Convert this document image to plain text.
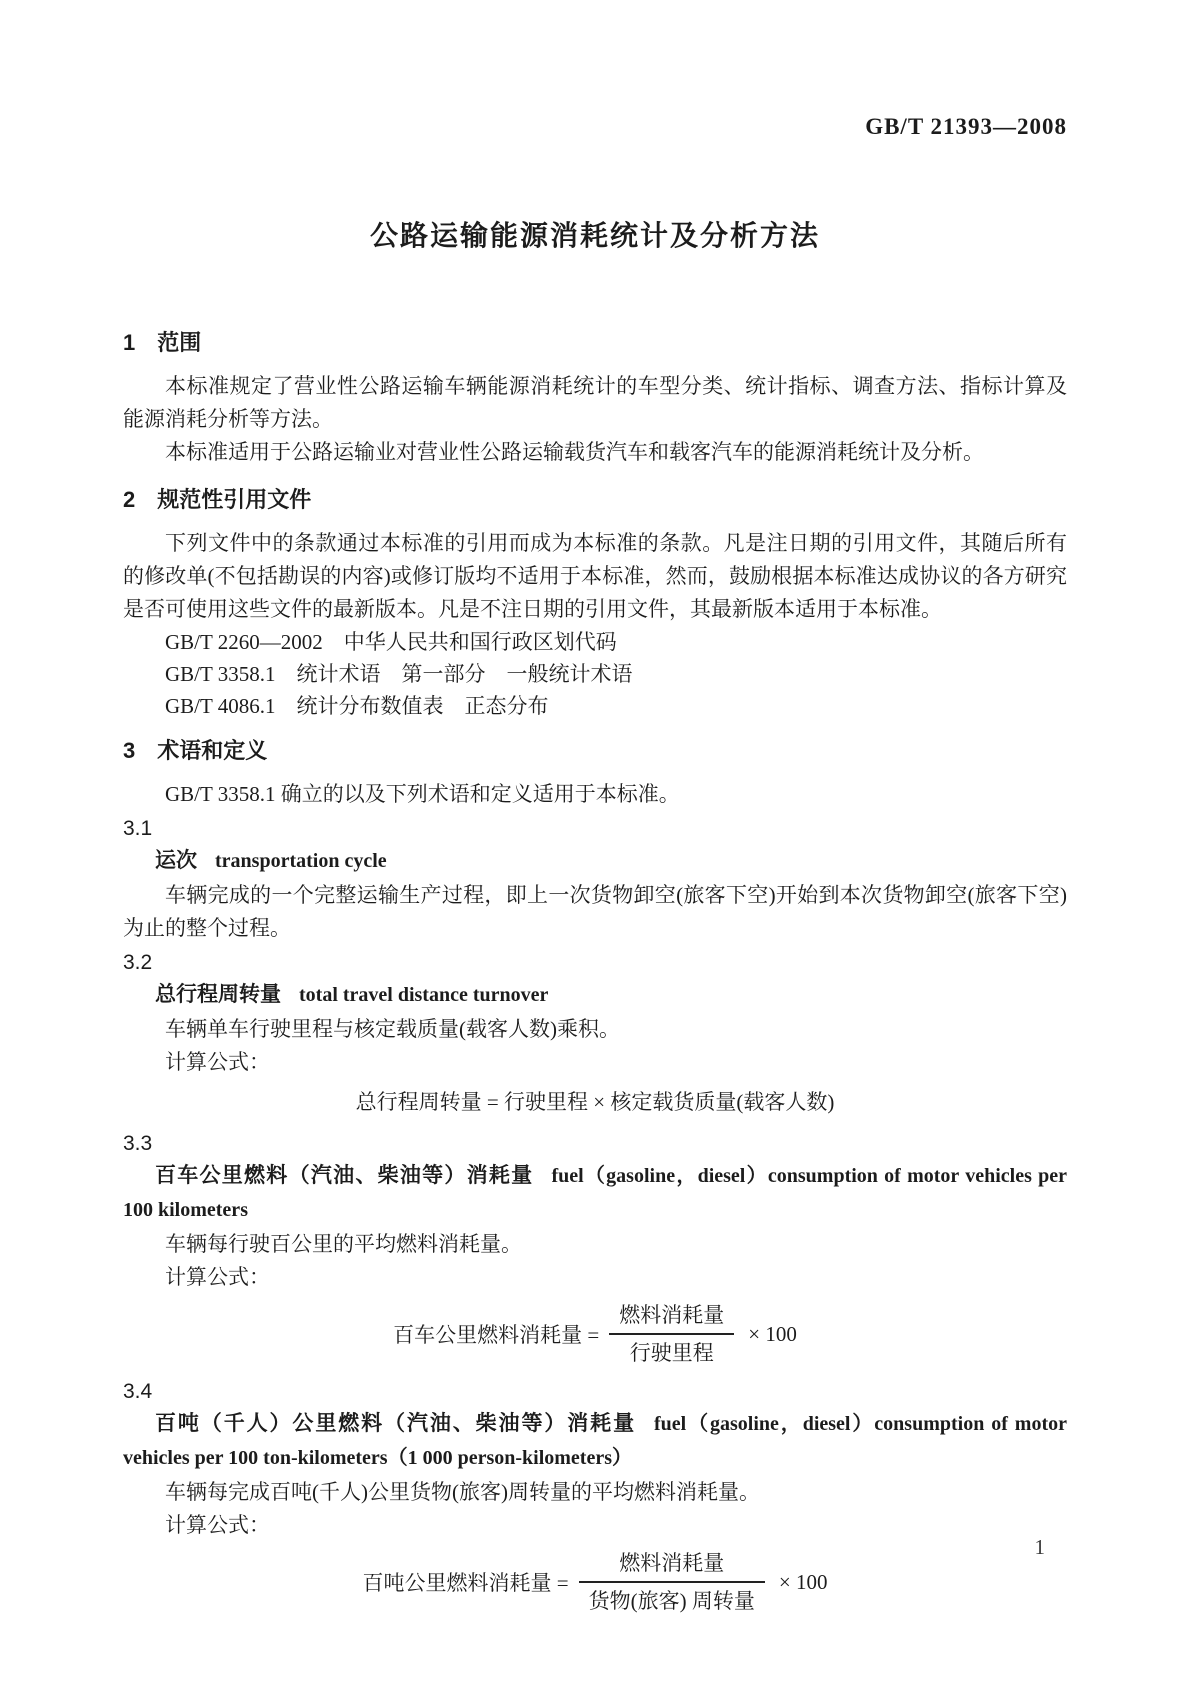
GB/T 21393—2008
公路运输能源消耗统计及分析方法
1　范围

本标准规定了营业性公路运输车辆能源消耗统计的车型分类、统计指标、调查方法、指标计算及能源消耗分析等方法。

本标准适用于公路运输业对营业性公路运输载货汽车和载客汽车的能源消耗统计及分析。

2　规范性引用文件

下列文件中的条款通过本标准的引用而成为本标准的条款。凡是注日期的引用文件，其随后所有的修改单(不包括勘误的内容)或修订版均不适用于本标准，然而，鼓励根据本标准达成协议的各方研究是否可使用这些文件的最新版本。凡是不注日期的引用文件，其最新版本适用于本标准。

GB/T 2260—2002　中华人民共和国行政区划代码

GB/T 3358.1　统计术语　第一部分　一般统计术语

GB/T 4086.1　统计分布数值表　正态分布

3　术语和定义

GB/T 3358.1 确立的以及下列术语和定义适用于本标准。

3.1

运次 transportation cycle

车辆完成的一个完整运输生产过程，即上一次货物卸空(旅客下空)开始到本次货物卸空(旅客下空)为止的整个过程。

3.2

总行程周转量 total travel distance turnover

车辆单车行驶里程与核定载质量(载客人数)乘积。

计算公式：

总行程周转量 = 行驶里程 × 核定载货质量(载客人数)
3.3

百车公里燃料（汽油、柴油等）消耗量 fuel（gasoline，diesel）consumption of motor vehicles per 100 kilometers

车辆每行驶百公里的平均燃料消耗量。

计算公式：

百车公里燃料消耗量 = $\frac{\text{燃料消耗量}}{\text{行驶里程}} \times 100$
3.4

百吨（千人）公里燃料（汽油、柴油等）消耗量 fuel（gasoline，diesel）consumption of motor vehicles per 100 ton-kilometers（1 000 person-kilometers）

车辆每完成百吨(千人)公里货物(旅客)周转量的平均燃料消耗量。

计算公式：

百吨公里燃料消耗量 = $\frac{\text{燃料消耗量}}{\text{货物(旅客) 周转量}} \times 100$
1
